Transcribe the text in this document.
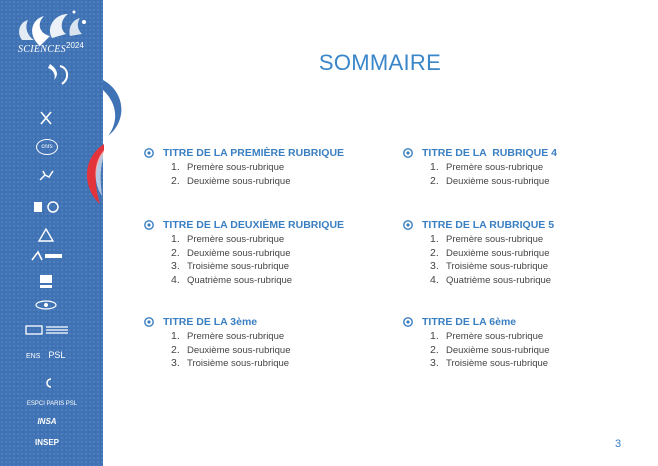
SCIENCES 2024
cnrs
ENS PSL
ESPCI PARIS PSL
INSA
INSEP
SOMMAIRE
TITRE DE LA PREMIÈRE RUBRIQUE
1. Premère sous-rubrique
2. Deuxième sous-rubrique
TITRE DE LA  RUBRIQUE 4
1. Premère sous-rubrique
2. Deuxième sous-rubrique
TITRE DE LA DEUXIÈME RUBRIQUE
1. Premère sous-rubrique
2. Deuxième sous-rubrique
3. Troisième sous-rubrique
4. Quatrième sous-rubrique
TITRE DE LA RUBRIQUE 5
1. Premère sous-rubrique
2. Deuxième sous-rubrique
3. Troisième sous-rubrique
4. Quatrième sous-rubrique
TITRE DE LA 3ème
1. Premère sous-rubrique
2. Deuxième sous-rubrique
3. Troisième sous-rubrique
TITRE DE LA 6ème
1. Premère sous-rubrique
2. Deuxième sous-rubrique
3. Troisième sous-rubrique
3
